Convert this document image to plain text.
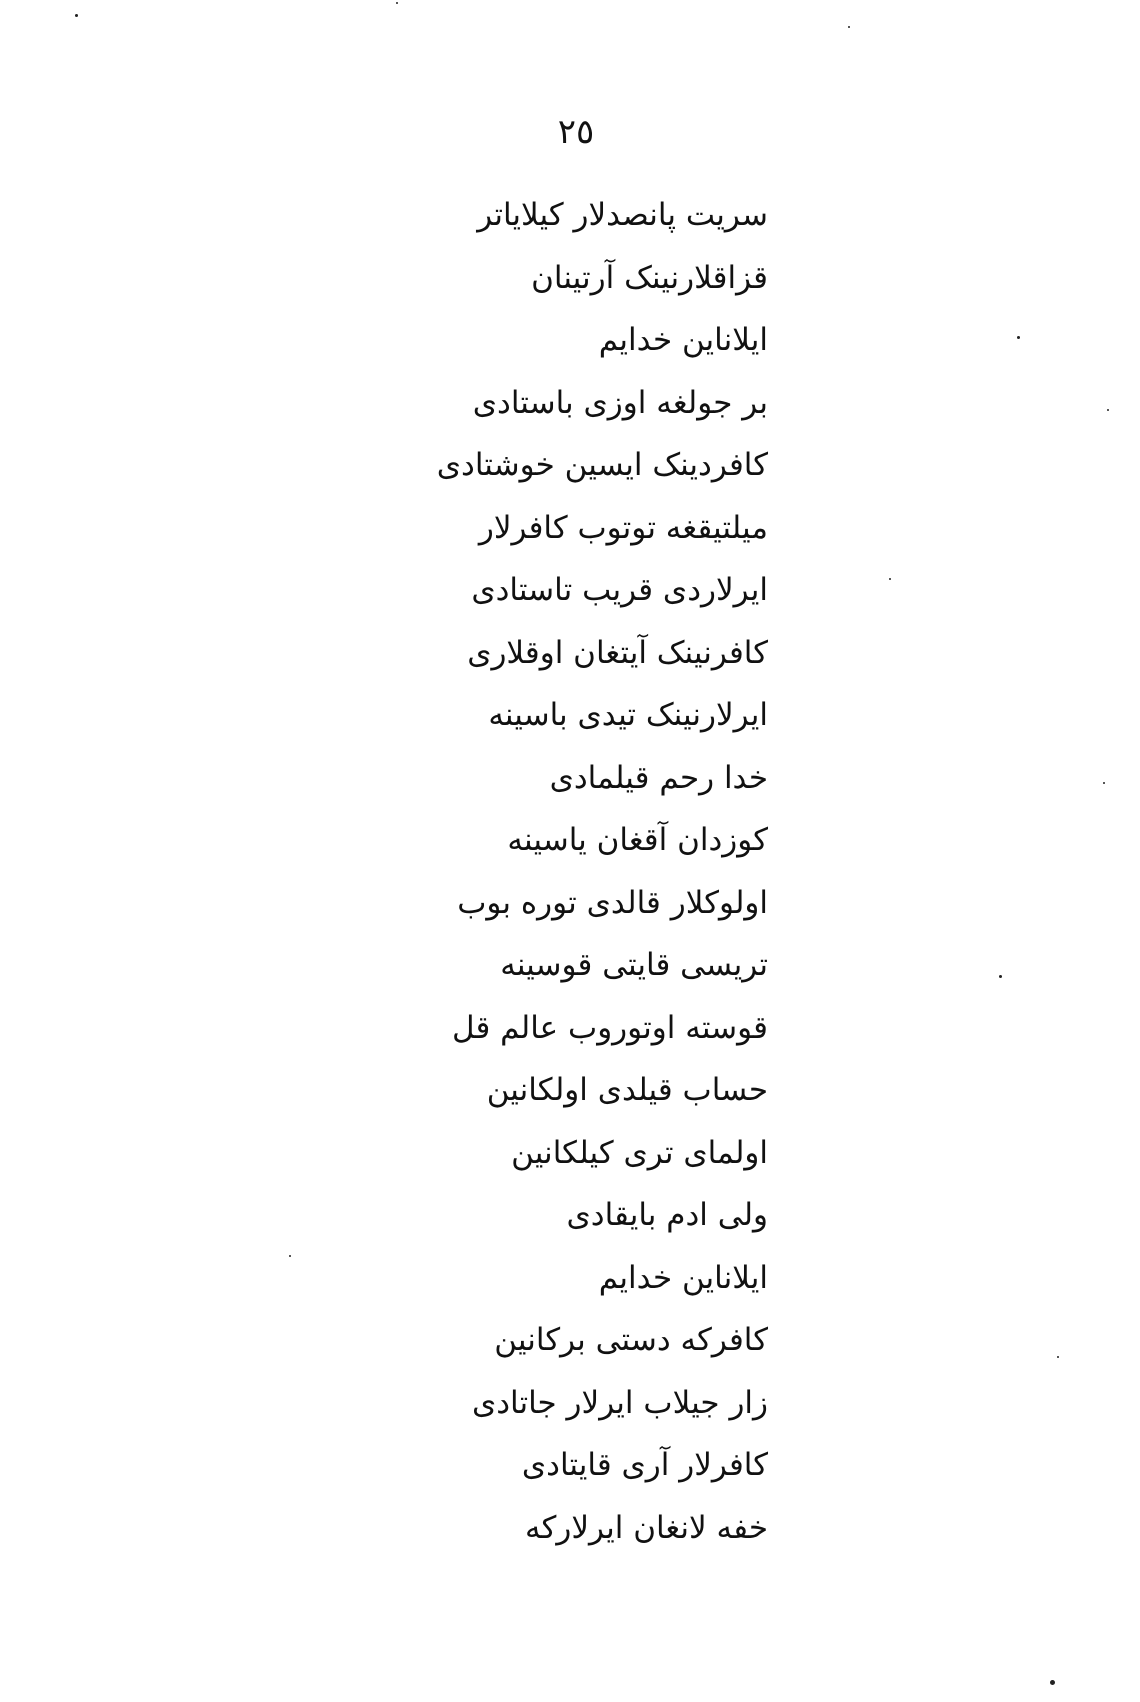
٢٥
سریت پانصدلار کیلایاتر
قزاقلارنینک آرتینان
ایلاناین خدایم
بر جولغه اوزی باستادی
کافردینک ایسین خوشتادی
میلتیقغه توتوب کافرلار
ایرلاردی قریب تاستادی
کافرنینک آیتغان اوقلاری
ایرلارنینک تیدی باسینه
خدا رحم قیلمادی
کوزدان آقغان یاسینه
اولوکلار قالدی توره بوب
تریسی قایتی قوسینه
قوسته اوتوروب عالم قل
حساب قیلدی اولکانین
اولمای تری کیلکانین
ولی ادم بایقادی
ایلاناین خدایم
کافرکه دستی برکانین
زار جیلاب ایرلار جاتادی
کافرلار آری قایتادی
خفه لانغان ایرلارکه
